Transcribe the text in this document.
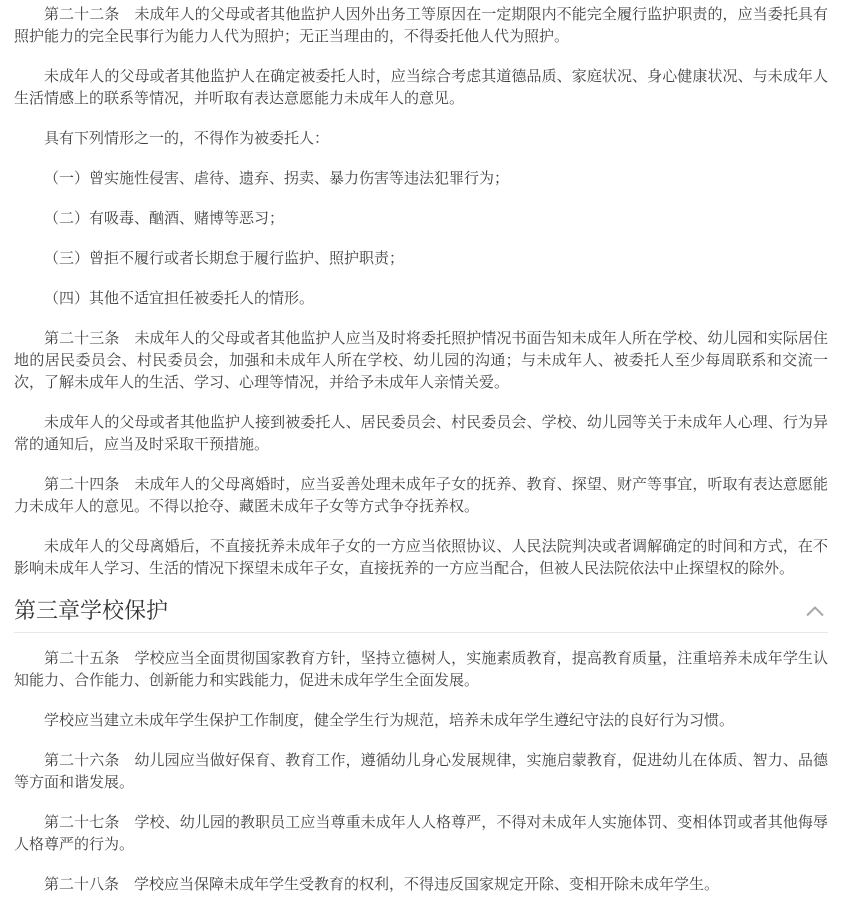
第二十二条　未成年人的父母或者其他监护人因外出务工等原因在一定期限内不能完全履行监护职责的，应当委托具有照护能力的完全民事行为能力人代为照护；无正当理由的，不得委托他人代为照护。

未成年人的父母或者其他监护人在确定被委托人时，应当综合考虑其道德品质、家庭状况、身心健康状况、与未成年人生活情感上的联系等情况，并听取有表达意愿能力未成年人的意见。

具有下列情形之一的，不得作为被委托人：

（一）曾实施性侵害、虐待、遗弃、拐卖、暴力伤害等违法犯罪行为；

（二）有吸毒、酗酒、赌博等恶习；

（三）曾拒不履行或者长期怠于履行监护、照护职责；

（四）其他不适宜担任被委托人的情形。

第二十三条　未成年人的父母或者其他监护人应当及时将委托照护情况书面告知未成年人所在学校、幼儿园和实际居住地的居民委员会、村民委员会，加强和未成年人所在学校、幼儿园的沟通；与未成年人、被委托人至少每周联系和交流一次，了解未成年人的生活、学习、心理等情况，并给予未成年人亲情关爱。

未成年人的父母或者其他监护人接到被委托人、居民委员会、村民委员会、学校、幼儿园等关于未成年人心理、行为异常的通知后，应当及时采取干预措施。

第二十四条　未成年人的父母离婚时，应当妥善处理未成年子女的抚养、教育、探望、财产等事宜，听取有表达意愿能力未成年人的意见。不得以抢夺、藏匿未成年子女等方式争夺抚养权。

未成年人的父母离婚后，不直接抚养未成年子女的一方应当依照协议、人民法院判决或者调解确定的时间和方式，在不影响未成年人学习、生活的情况下探望未成年子女，直接抚养的一方应当配合，但被人民法院依法中止探望权的除外。

第三章学校保护

第二十五条　学校应当全面贯彻国家教育方针，坚持立德树人，实施素质教育，提高教育质量，注重培养未成年学生认知能力、合作能力、创新能力和实践能力，促进未成年学生全面发展。

学校应当建立未成年学生保护工作制度，健全学生行为规范，培养未成年学生遵纪守法的良好行为习惯。

第二十六条　幼儿园应当做好保育、教育工作，遵循幼儿身心发展规律，实施启蒙教育，促进幼儿在体质、智力、品德等方面和谐发展。

第二十七条　学校、幼儿园的教职员工应当尊重未成年人人格尊严，不得对未成年人实施体罚、变相体罚或者其他侮辱人格尊严的行为。

第二十八条　学校应当保障未成年学生受教育的权利，不得违反国家规定开除、变相开除未成年学生。
